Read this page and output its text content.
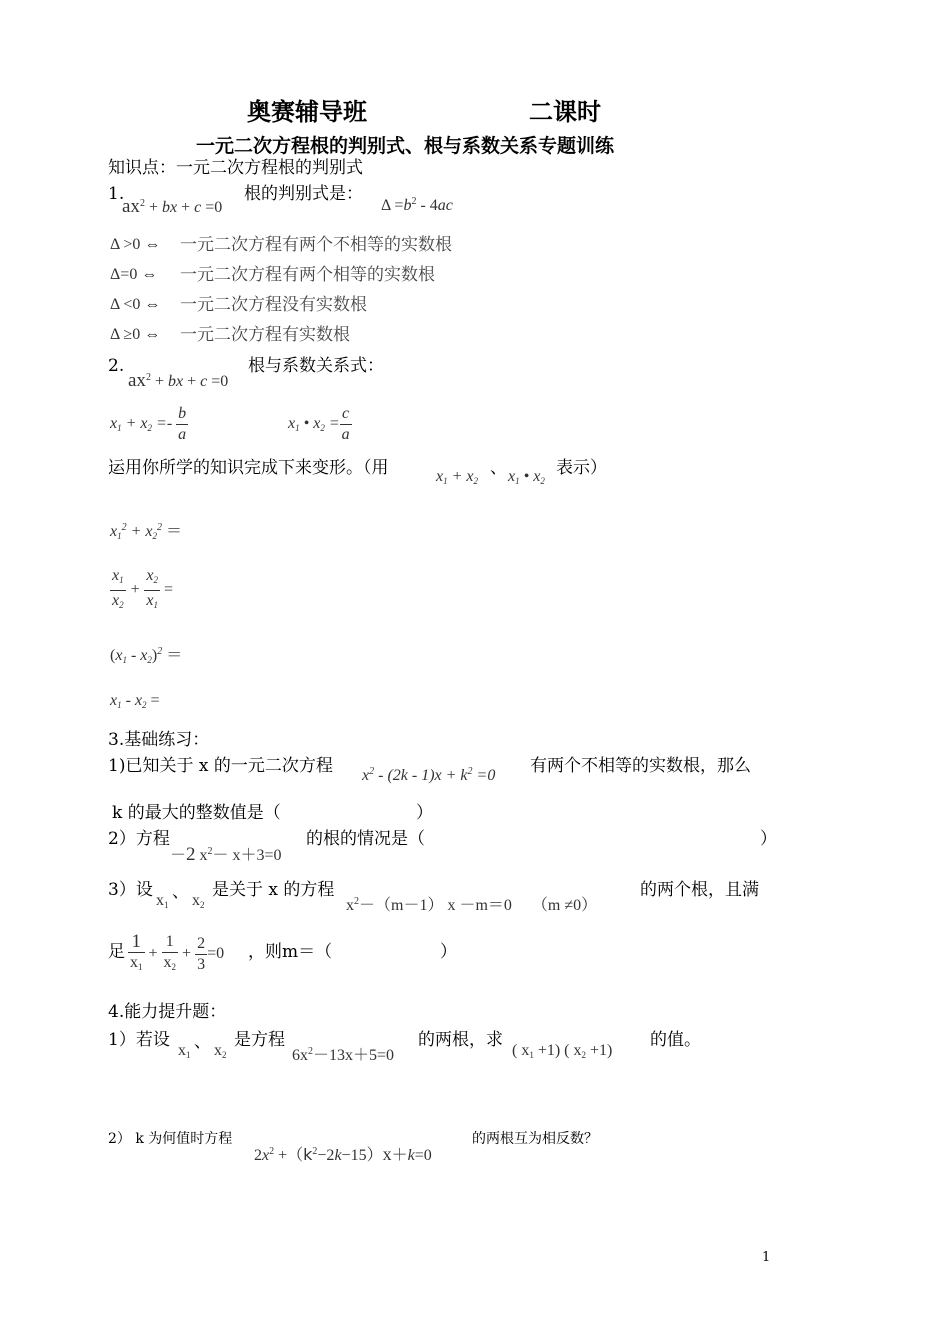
奥赛辅导班	二课时
一元二次方程根的判别式、根与系数关系专题训练
知识点：一元二次方程根的判别式
1.
$ax^2$ + bx + c =0
根的判别式是：
$\Delta =b^2 - 4ac$
Δ >0 ⇔ 一元二次方程有两个不相等的实数根
Δ=0 ⇔ 一元二次方程有两个相等的实数根
Δ <0 ⇔ 一元二次方程没有实数根
Δ ≥0 ⇔ 一元二次方程有实数根
2.
$ax^2$ + bx + c =0
根与系数关系式：
$x_1 + x_2 =- \frac{b}{a}$	$x_1$ • $x_2 = \frac{c}{a}$
运用你所学的知识完成下来变形。（用	$x_1 + x_2$
、 $x_1$ • $x_2$
表示）
$x_1^2 + x_2^2$ ＝
$\frac{x_1}{x_2} + \frac{x_2}{x_1}$ =
$(x_1 - x_2)^2$ ＝
$x_1 - x_2$ =
3.基础练习：
1)已知关于 x 的一元二次方程 $x^2 - (2k - 1)x + k^2 =0$ 有两个不相等的实数根，那么
k 的最大的整数值是（	）
2）方程
－2 $x^2- x+3=0$
的根的情况是（	）
3）设
$x_1$
、 $x_2$
是关于 x 的方程
$x^2-(m-1)$ x －m＝0     （m ≠0）
的两个根，且满
足 $\frac{1}{x_1} + \frac{1}{x_2} + \frac{2}{3} =0$ ，则m＝（	）
4.能力提升题：
1）若设
$x_1$
、 $x_2$
是方程
$6x^2-13x+5=0$
的两根，求
( $x_1 +1$) ( $x_2 +1$)
的值。
2） k 为何值时方程
$2x^2 +(k^2-2k-15)x+k=0$
的两根互为相反数？
1
